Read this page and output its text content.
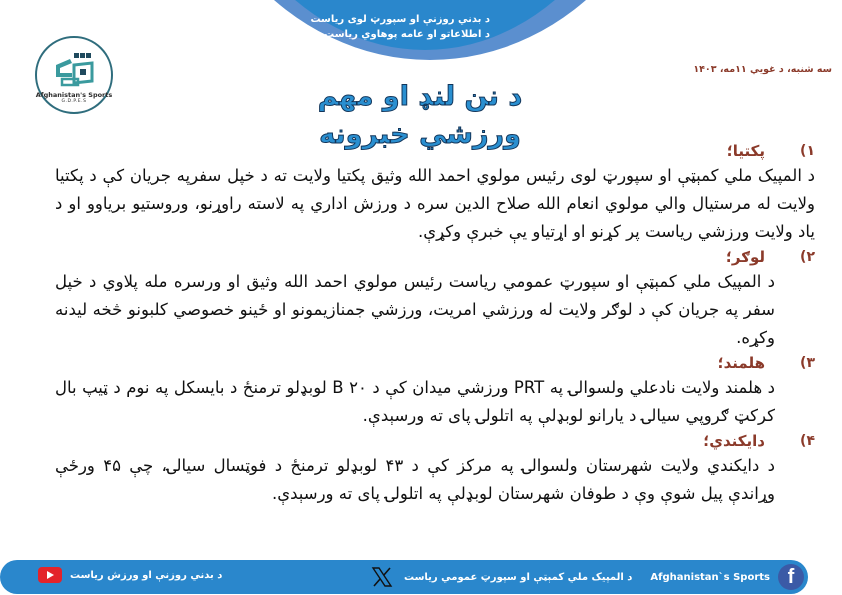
د بدني روزنې او سپورټ لوی ریاست
د اطلاعاتو او عامه پوهاوي ریاست
Afghanistan's Sports
G.D.P.E.S
سه شنبه، د غويي ۱۱مه، ۱۴۰۳
د نن لنډ او مهم
ورزشي خبرونه
۱)
پکتیا؛
د المپیک ملي کمېټې او سپورټ لوی رئیس مولوي احمد الله وثیق پکتیا ولایت ته د خپل سفرپه جریان کې د پکتیا ولایت له مرستیال والي مولوي انعام الله صلاح الدین سره د ورزش اداري په لاسته راوړنو، وروستیو بریاوو او د یاد ولایت ورزشي ریاست پر کړنو او اړتیاو یې خبرې وکړې.
۲)
لوګر؛
د المپیک ملي کمېټې او سپورټ عمومي ریاست رئیس مولوي احمد الله وثیق او ورسره مله پلاوي د خپل سفر په جریان کې د لوګر ولایت له ورزشي امریت، ورزشي جمنازیمونو او ځینو خصوصي کلبونو څخه لیدنه وکړه.
۳)
هلمند؛
د هلمند ولایت نادعلي ولسوالۍ په PRT ورزشي میدان کې د ۲۰ B لوبډلو ترمنځ د بایسکل په نوم د ټیپ بال کرکټ ګروپي سیالۍ د یارانو لوبډلې په اتلولۍ پای ته ورسېدې.
۴)
دایکندي؛
د دایکندي ولایت شهرستان ولسوالۍ په مرکز کې د ۴۳ لوبډلو ترمنځ د فوټسال سیالۍ، چې ۴۵ ورځې وړاندې پیل شوې وې د طوفان شهرستان لوبډلې په اتلولۍ پای ته ورسېدې.
د بدني روزنې او ورزش ریاست	د المپیک ملي کمېټې او سپورټ عمومي ریاست Afghanistan`s Sports f
